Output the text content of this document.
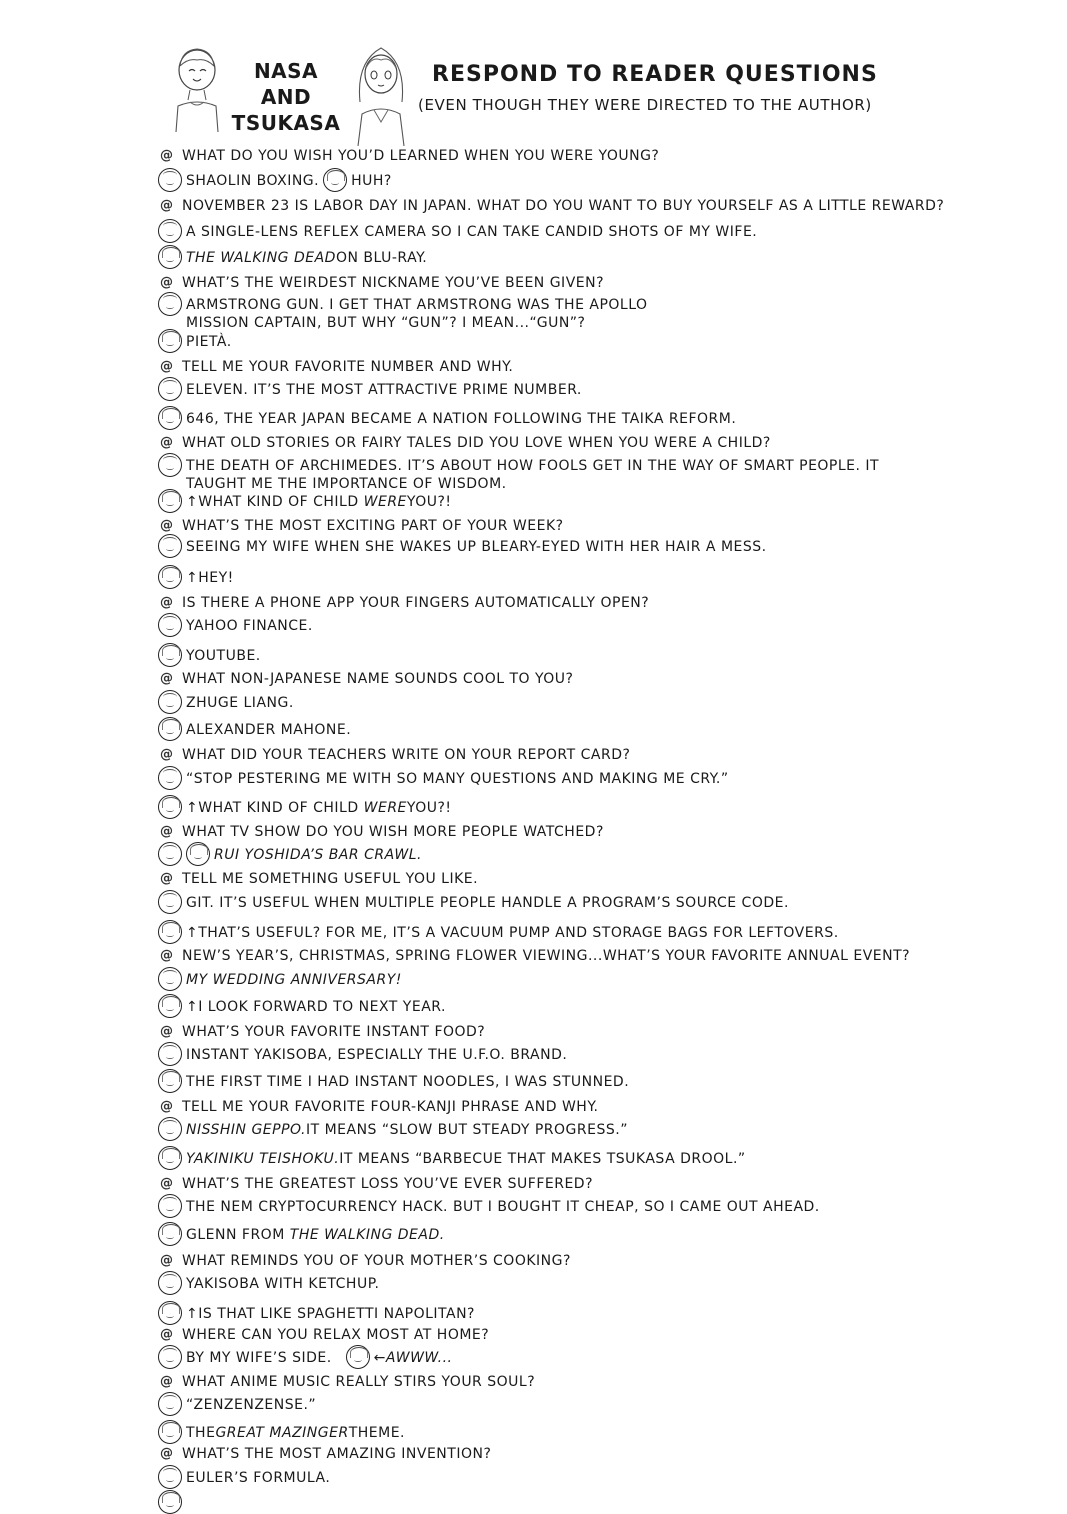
NASA AND
TSUKASA
RESPOND TO READER QUESTIONS
(EVEN THOUGH THEY WERE DIRECTED TO THE AUTHOR)
@ WHAT DO YOU WISH YOU’D LEARNED WHEN YOU WERE YOUNG?
SHAOLIN BOXING. HUH?
@ NOVEMBER 23 IS LABOR DAY IN JAPAN. WHAT DO YOU WANT TO BUY YOURSELF AS A LITTLE REWARD?
A SINGLE-LENS REFLEX CAMERA SO I CAN TAKE CANDID SHOTS OF MY WIFE.
THE WALKING DEAD ON BLU-RAY.
@ WHAT’S THE WEIRDEST NICKNAME YOU’VE BEEN GIVEN?
ARMSTRONG GUN. I GET THAT ARMSTRONG WAS THE APOLLO
MISSION CAPTAIN, BUT WHY “GUN”? I MEAN...“GUN”?
PIETÀ.
@ TELL ME YOUR FAVORITE NUMBER AND WHY.
ELEVEN. IT’S THE MOST ATTRACTIVE PRIME NUMBER.
646, THE YEAR JAPAN BECAME A NATION FOLLOWING THE TAIKA REFORM.
@ WHAT OLD STORIES OR FAIRY TALES DID YOU LOVE WHEN YOU WERE A CHILD?
THE DEATH OF ARCHIMEDES. IT’S ABOUT HOW FOOLS GET IN THE WAY OF SMART PEOPLE. IT
TAUGHT ME THE IMPORTANCE OF WISDOM.
↑WHAT KIND OF CHILD WERE YOU?!
@ WHAT’S THE MOST EXCITING PART OF YOUR WEEK?
SEEING MY WIFE WHEN SHE WAKES UP BLEARY-EYED WITH HER HAIR A MESS.
↑HEY!
@ IS THERE A PHONE APP YOUR FINGERS AUTOMATICALLY OPEN?
YAHOO FINANCE.
YOUTUBE.
@ WHAT NON-JAPANESE NAME SOUNDS COOL TO YOU?
ZHUGE LIANG.
ALEXANDER MAHONE.
@ WHAT DID YOUR TEACHERS WRITE ON YOUR REPORT CARD?
“STOP PESTERING ME WITH SO MANY QUESTIONS AND MAKING ME CRY.”
↑WHAT KIND OF CHILD WERE YOU?!
@ WHAT TV SHOW DO YOU WISH MORE PEOPLE WATCHED?
RUI YOSHIDA’S BAR CRAWL.
@ TELL ME SOMETHING USEFUL YOU LIKE.
GIT. IT’S USEFUL WHEN MULTIPLE PEOPLE HANDLE A PROGRAM’S SOURCE CODE.
↑THAT’S USEFUL? FOR ME, IT’S A VACUUM PUMP AND STORAGE BAGS FOR LEFTOVERS.
@ NEW’S YEAR’S, CHRISTMAS, SPRING FLOWER VIEWING...WHAT’S YOUR FAVORITE ANNUAL EVENT?
MY WEDDING ANNIVERSARY!
↑I LOOK FORWARD TO NEXT YEAR.
@ WHAT’S YOUR FAVORITE INSTANT FOOD?
INSTANT YAKISOBA, ESPECIALLY THE U.F.O. BRAND.
THE FIRST TIME I HAD INSTANT NOODLES, I WAS STUNNED.
@ TELL ME YOUR FAVORITE FOUR-KANJI PHRASE AND WHY.
NISSHIN GEPPO. IT MEANS “SLOW BUT STEADY PROGRESS.”
YAKINIKU TEISHOKU. IT MEANS “BARBECUE THAT MAKES TSUKASA DROOL.”
@ WHAT’S THE GREATEST LOSS YOU’VE EVER SUFFERED?
THE NEM CRYPTOCURRENCY HACK. BUT I BOUGHT IT CHEAP, SO I CAME OUT AHEAD.
GLENN FROM THE WALKING DEAD.
@ WHAT REMINDS YOU OF YOUR MOTHER’S COOKING?
YAKISOBA WITH KETCHUP.
↑IS THAT LIKE SPAGHETTI NAPOLITAN?
@ WHERE CAN YOU RELAX MOST AT HOME?
BY MY WIFE’S SIDE.	←AWWW...
@ WHAT ANIME MUSIC REALLY STIRS YOUR SOUL?
“ZENZENZENSE.”
THE GREAT MAZINGER THEME.
@ WHAT’S THE MOST AMAZING INVENTION?
EULER’S FORMULA.
